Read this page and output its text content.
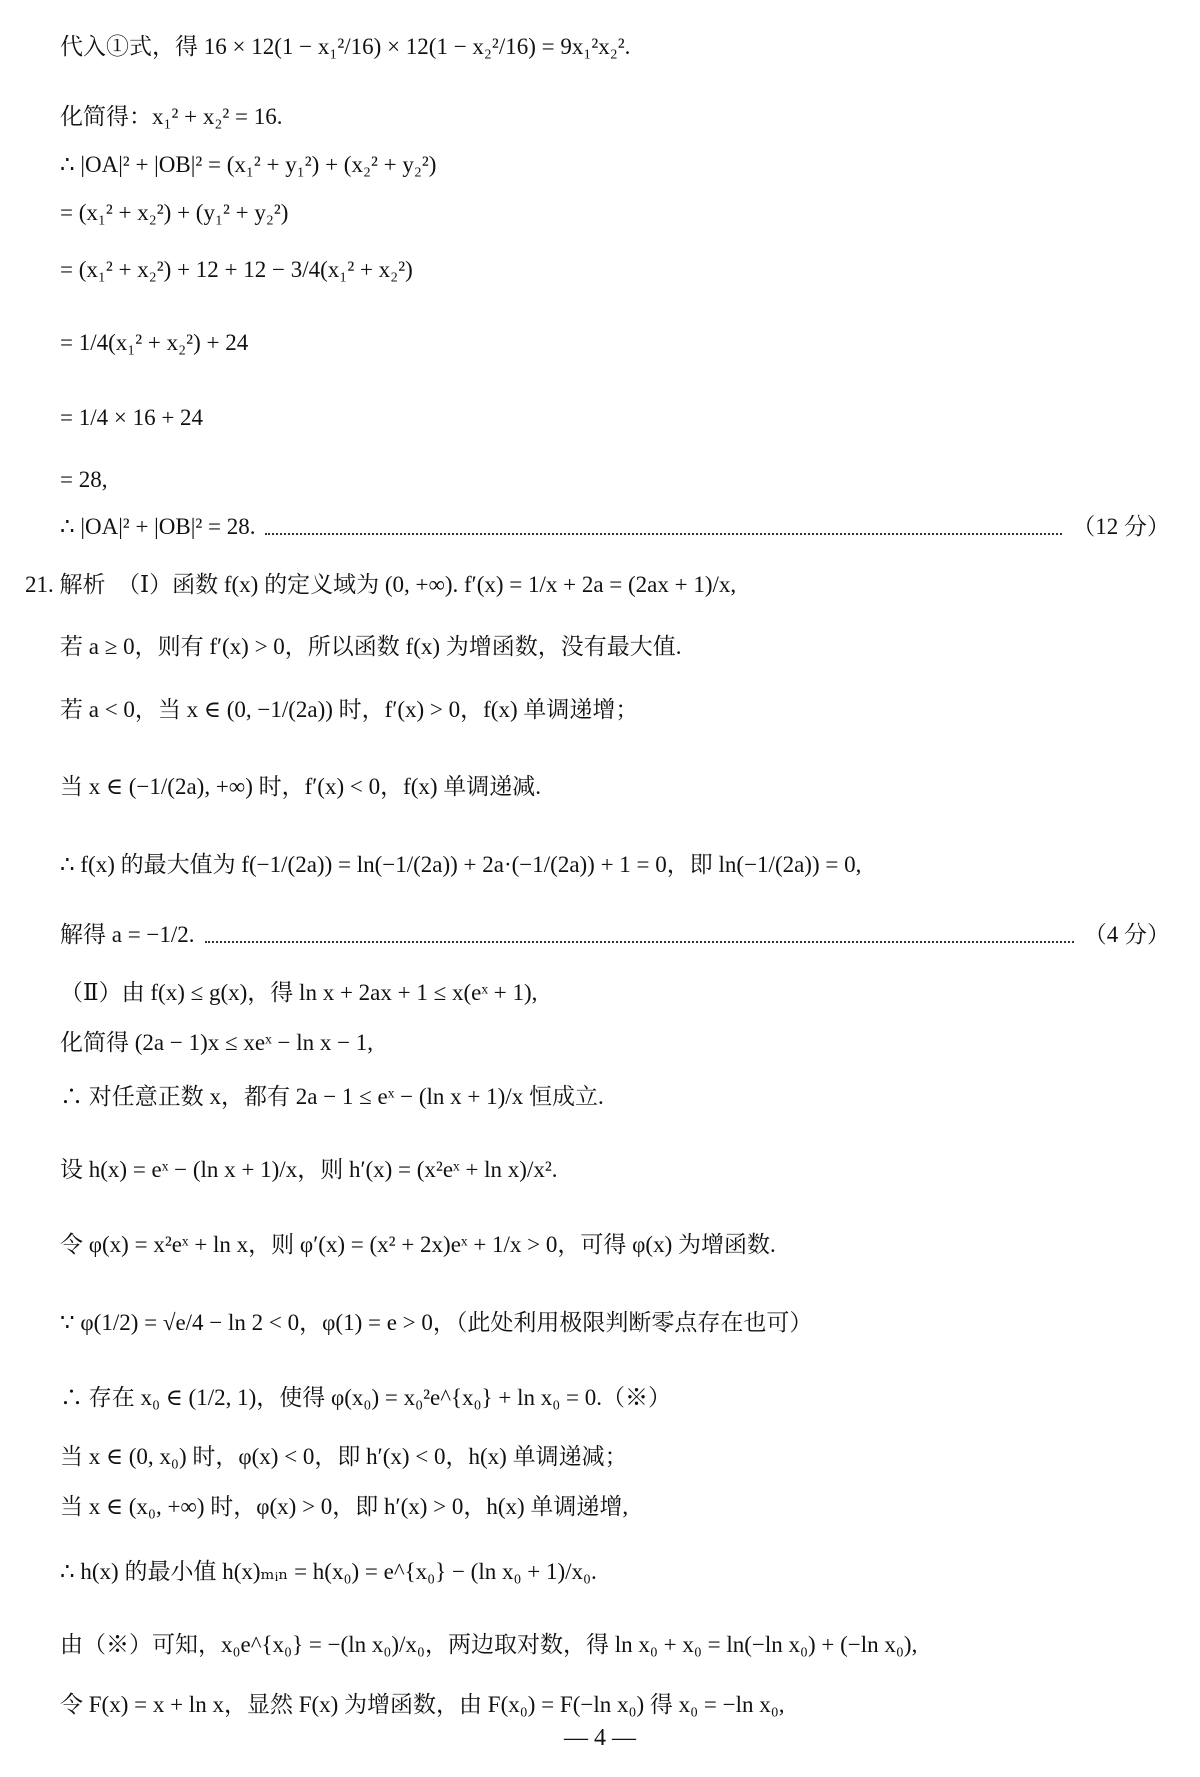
代入①式，得 16 × 12(1 − x₁²/16) × 12(1 − x₂²/16) = 9x₁²x₂².
化简得：x₁² + x₂² = 16.
∴ |OA|² + |OB|² = (x₁² + y₁²) + (x₂² + y₂²)
= (x₁² + x₂²) + (y₁² + y₂²)
= (x₁² + x₂²) + 12 + 12 − 3/4(x₁² + x₂²)
= 1/4(x₁² + x₂²) + 24
= 1/4 × 16 + 24
= 28,
∴ |OA|² + |OB|² = 28.	（12 分）
21. 解析　（Ⅰ）函数 f(x) 的定义域为 (0, +∞). f′(x) = 1/x + 2a = (2ax + 1)/x,
若 a ≥ 0，则有 f′(x) > 0，所以函数 f(x) 为增函数，没有最大值.
若 a < 0，当 x ∈ (0, −1/(2a)) 时，f′(x) > 0，f(x) 单调递增；
当 x ∈ (−1/(2a), +∞) 时，f′(x) < 0，f(x) 单调递减.
∴ f(x) 的最大值为 f(−1/(2a)) = ln(−1/(2a)) + 2a·(−1/(2a)) + 1 = 0，即 ln(−1/(2a)) = 0,
解得 a = −1/2.	（4 分）
（Ⅱ）由 f(x) ≤ g(x)，得 ln x + 2ax + 1 ≤ x(eˣ + 1),
化简得 (2a − 1)x ≤ xeˣ − ln x − 1,
∴ 对任意正数 x，都有 2a − 1 ≤ eˣ − (ln x + 1)/x 恒成立.
设 h(x) = eˣ − (ln x + 1)/x，则 h′(x) = (x²eˣ + ln x)/x².
令 φ(x) = x²eˣ + ln x，则 φ′(x) = (x² + 2x)eˣ + 1/x > 0，可得 φ(x) 为增函数.
∵ φ(1/2) = √e/4 − ln 2 < 0，φ(1) = e > 0，（此处利用极限判断零点存在也可）
∴ 存在 x₀ ∈ (1/2, 1)，使得 φ(x₀) = x₀²e^{x₀} + ln x₀ = 0.（※）
当 x ∈ (0, x₀) 时，φ(x) < 0，即 h′(x) < 0，h(x) 单调递减；
当 x ∈ (x₀, +∞) 时，φ(x) > 0，即 h′(x) > 0，h(x) 单调递增,
∴ h(x) 的最小值 h(x)ₘᵢₙ = h(x₀) = e^{x₀} − (ln x₀ + 1)/x₀.
由（※）可知，x₀e^{x₀} = −(ln x₀)/x₀，两边取对数，得 ln x₀ + x₀ = ln(−ln x₀) + (−ln x₀),
令 F(x) = x + ln x，显然 F(x) 为增函数，由 F(x₀) = F(−ln x₀) 得 x₀ = −ln x₀,
— 4 —
